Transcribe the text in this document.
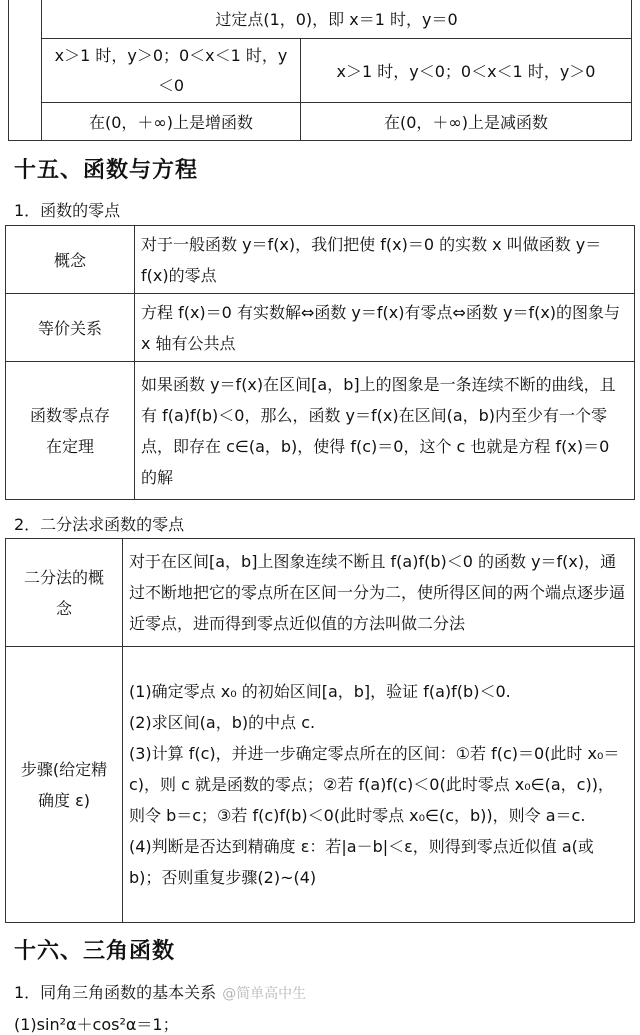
	过定点(1，0)，即 x＝1 时，y＝0	
	x＞1 时，y＞0；0＜x＜1 时，y＜0	x＞1 时，y＜0；0＜x＜1 时，y＞0
	在(0，＋∞)上是增函数	在(0，＋∞)上是减函数
十五、函数与方程

1．函数的零点

概念	对于一般函数 y＝f(x)，我们把使 f(x)＝0 的实数 x 叫做函数 y＝f(x)的零点
等价关系	方程 f(x)＝0 有实数解⇔函数 y＝f(x)有零点⇔函数 y＝f(x)的图象与 x 轴有公共点
函数零点存在定理	如果函数 y＝f(x)在区间[a，b]上的图象是一条连续不断的曲线，且有 f(a)f(b)＜0，那么，函数 y＝f(x)在区间(a，b)内至少有一个零点，即存在 c∈(a，b)，使得 f(c)＝0，这个 c 也就是方程 f(x)＝0 的解

2．二分法求函数的零点

二分法的概念	对于在区间[a，b]上图象连续不断且 f(a)f(b)＜0 的函数 y＝f(x)，通过不断地把它的零点所在区间一分为二，使所得区间的两个端点逐步逼近零点，进而得到零点近似值的方法叫做二分法
步骤(给定精确度 ε)	(1)确定零点 x₀ 的初始区间[a，b]，验证 f(a)f(b)＜0.
(2)求区间(a，b)的中点 c.
(3)计算 f(c)，并进一步确定零点所在的区间：①若 f(c)＝0(此时 x₀＝c)，则 c 就是函数的零点；②若 f(a)f(c)＜0(此时零点 x₀∈(a，c))，则令 b＝c；③若 f(c)f(b)＜0(此时零点 x₀∈(c，b))，则令 a＝c.
(4)判断是否达到精确度 ε：若|a－b|＜ε，则得到零点近似值 a(或 b)；否则重复步骤(2)~(4)
十六、三角函数

1．同角三角函数的基本关系 @简单高中生

(1)sin²α＋cos²α＝1；
